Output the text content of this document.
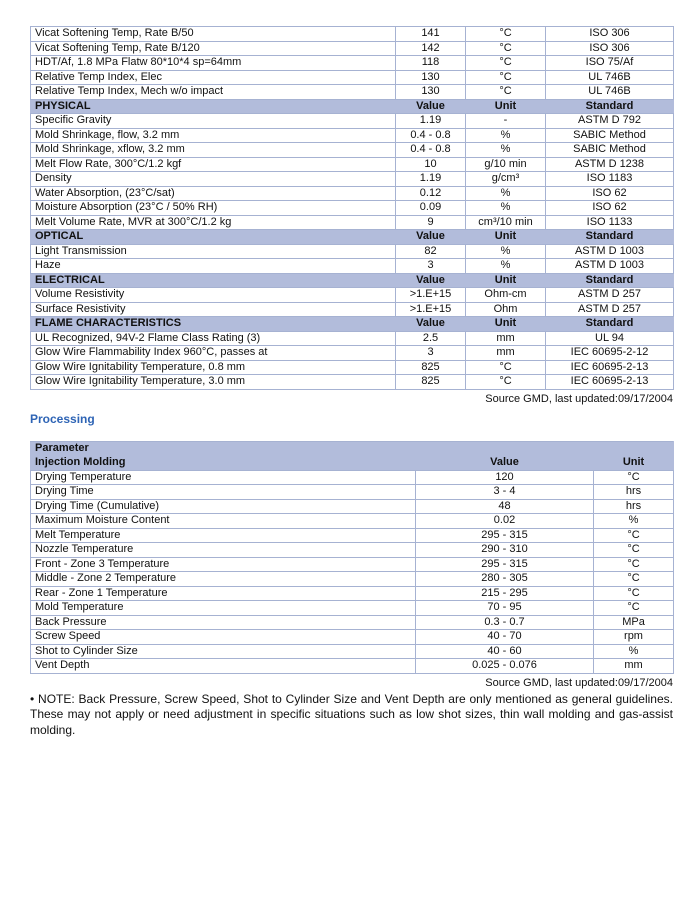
Vicat Softening Temp, Rate B/50	141	°C	ISO 306
Vicat Softening Temp, Rate B/120	142	°C	ISO 306
HDT/Af, 1.8 MPa Flatw 80*10*4 sp=64mm	118	°C	ISO 75/Af
Relative Temp Index, Elec	130	°C	UL 746B
Relative Temp Index, Mech w/o impact	130	°C	UL 746B
PHYSICAL	Value	Unit	Standard
Specific Gravity	1.19	-	ASTM D 792
Mold Shrinkage, flow, 3.2 mm	0.4 - 0.8	%	SABIC Method
Mold Shrinkage, xflow, 3.2 mm	0.4 - 0.8	%	SABIC Method
Melt Flow Rate, 300°C/1.2 kgf	10	g/10 min	ASTM D 1238
Density	1.19	g/cm³	ISO 1183
Water Absorption, (23°C/sat)	0.12	%	ISO 62
Moisture Absorption (23°C / 50% RH)	0.09	%	ISO 62
Melt Volume Rate, MVR at 300°C/1.2 kg	9	cm³/10 min	ISO 1133
OPTICAL	Value	Unit	Standard
Light Transmission	82	%	ASTM D 1003
Haze	3	%	ASTM D 1003
ELECTRICAL	Value	Unit	Standard
Volume Resistivity	>1.E+15	Ohm-cm	ASTM D 257
Surface Resistivity	>1.E+15	Ohm	ASTM D 257
FLAME CHARACTERISTICS	Value	Unit	Standard
UL Recognized, 94V-2 Flame Class Rating (3)	2.5	mm	UL 94
Glow Wire Flammability Index 960°C, passes at	3	mm	IEC 60695-2-12
Glow Wire Ignitability Temperature, 0.8 mm	825	°C	IEC 60695-2-13
Glow Wire Ignitability Temperature, 3.0 mm	825	°C	IEC 60695-2-13
Source GMD, last updated:09/17/2004
Processing
Parameter		
Injection Molding	Value	Unit
Drying Temperature	120	°C
Drying Time	3 - 4	hrs
Drying Time (Cumulative)	48	hrs
Maximum Moisture Content	0.02	%
Melt Temperature	295 - 315	°C
Nozzle Temperature	290 - 310	°C
Front - Zone 3 Temperature	295 - 315	°C
Middle - Zone 2 Temperature	280 - 305	°C
Rear - Zone 1 Temperature	215 - 295	°C
Mold Temperature	70 - 95	°C
Back Pressure	0.3 - 0.7	MPa
Screw Speed	40 - 70	rpm
Shot to Cylinder Size	40 - 60	%
Vent Depth	0.025 - 0.076	mm
Source GMD, last updated:09/17/2004

• NOTE: Back Pressure, Screw Speed, Shot to Cylinder Size and Vent Depth are only mentioned as general guidelines. These may not apply or need adjustment in specific situations such as low shot sizes, thin wall molding and gas-assist molding.
